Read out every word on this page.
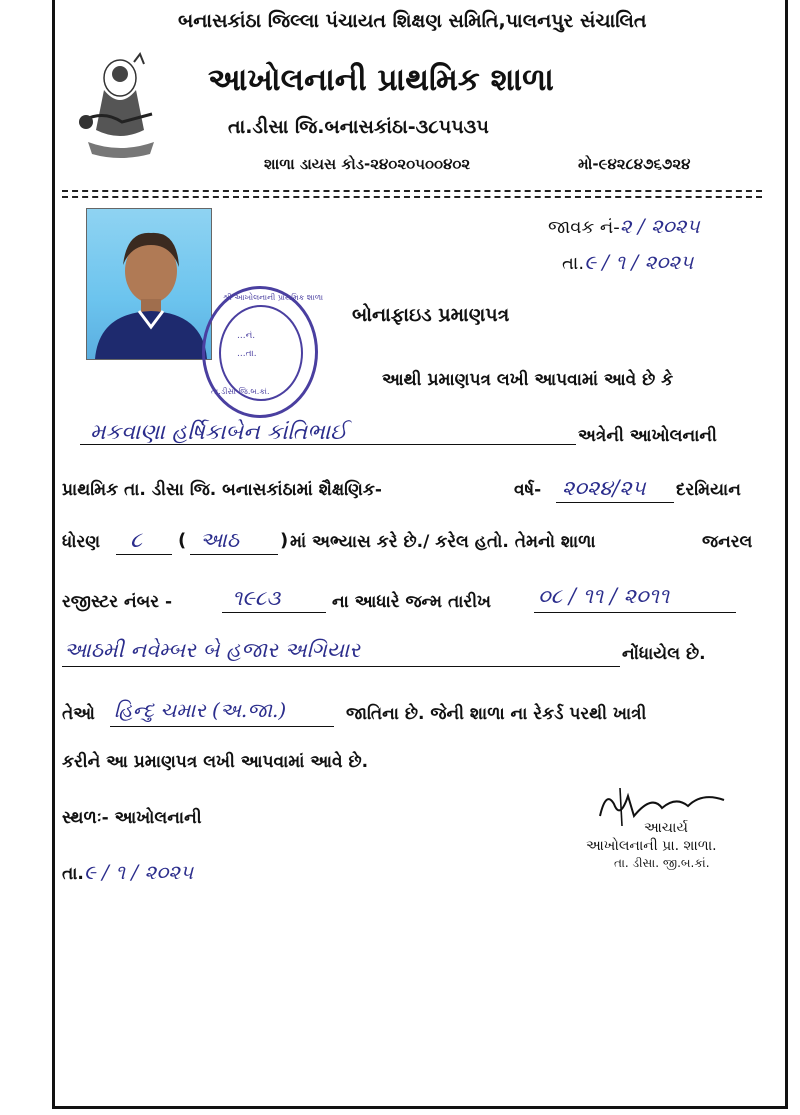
બનાસકાંઠા જિલ્લા પંચાયત શિક્ષણ સમિતિ,પાલનપુર સંચાલિત
આખોલનાની પ્રાથમિક શાળા
તા.ડીસા જિ.બનાસકાંઠા-૩૮૫૫૩૫
શાળા ડાયસ કોડ-૨૪૦૨૦૫૦૦૪૦૨	મો-૯૪૨૮૪૭૬૭૨૪
જાવક નં-૨ / ૨૦૨૫
તા.૯ / ૧ / ૨૦૨૫
શ્રી આખોલનાની પ્રાથમિક શાળા
...નં.
...તા.
તા.ડીસા જિ.બ.કાં.
બોનાફાઇડ પ્રમાણપત્ર
આથી પ્રમાણપત્ર લખી આપવામાં આવે છે કે
મકવાણા હર્ષિકાબેન કાંતિભાઈ	અત્રેની આખોલનાની
પ્રાથમિક તા. ડીસા જિ. બનાસકાંઠામાં શૈક્ષણિક-	વર્ષ- ૨૦૨૪/૨૫ દરમિયાન
ધોરણ ૮ ( આઠ ) માં અભ્યાસ કરે છે./ કરેલ હતો. તેમનો શાળા	જનરલ
રજીસ્ટર નંબર -	૧૯૮૩	ના આધારે જન્મ તારીખ ૦૮ / ૧૧ / ૨૦૧૧
આઠમી નવેમ્બર બે હજાર અગિયાર	નોંધાયેલ છે.
તેઓ હિન્દુ ચમાર (અ.જા.)	જાતિના છે. જેની શાળા ના રેકર્ડ પરથી ખાત્રી
કરીને આ પ્રમાણપત્ર લખી આપવામાં આવે છે.
સ્થળઃ- આખોલનાની
તા.૯ / ૧ / ૨૦૨૫
આચાર્ય
આખોલનાની પ્રા. શાળા.
તા. ડીસા. જી.બ.કાં.
